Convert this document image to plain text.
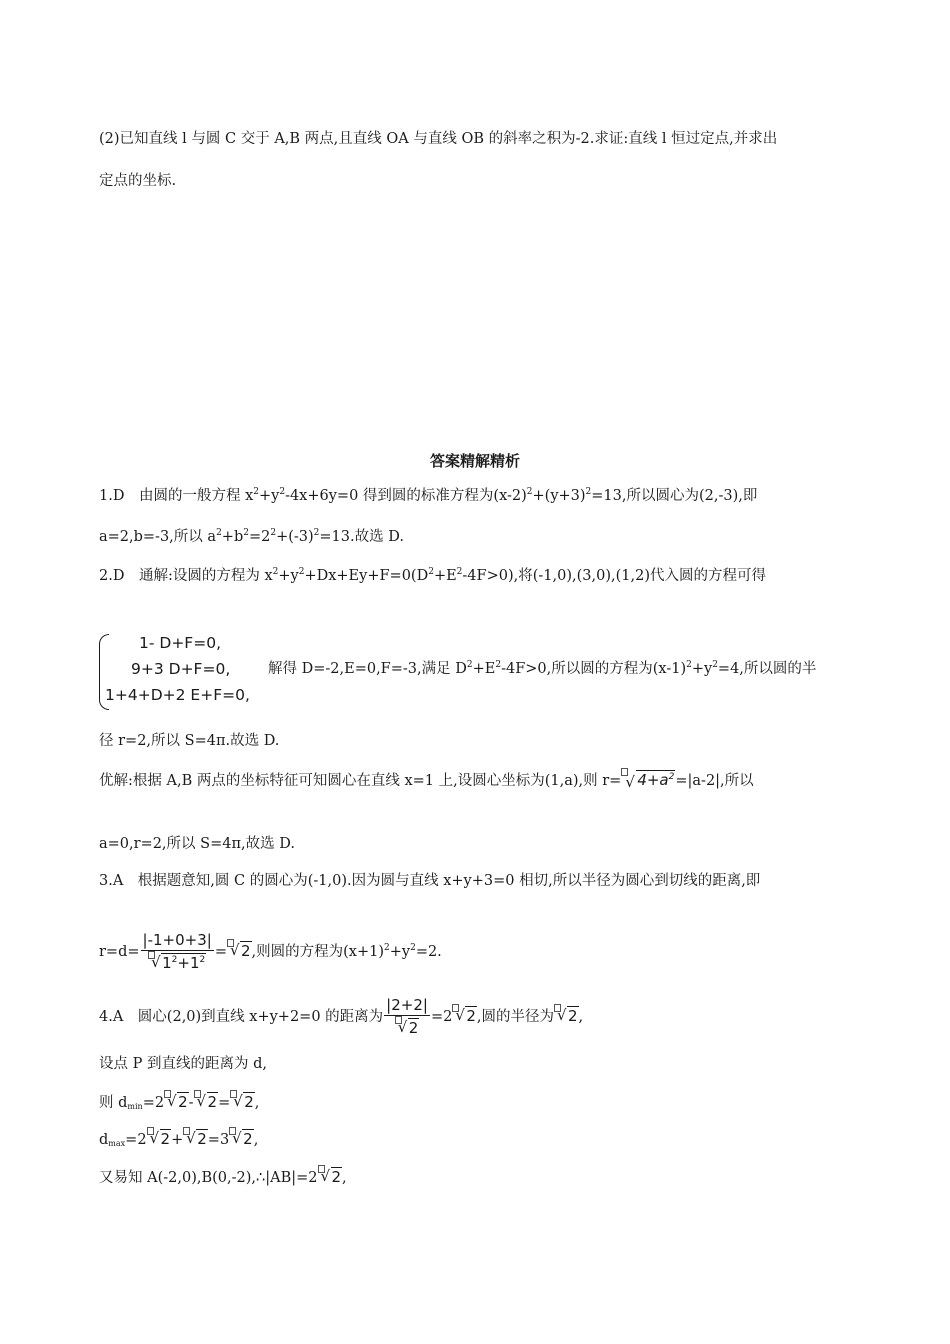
(2)已知直线 l 与圆 C 交于 A,B 两点,且直线 OA 与直线 OB 的斜率之积为-2.求证:直线 l 恒过定点,并求出
定点的坐标.
答案精解精析
1.D　由圆的一般方程 $x^2+y^2-4x+6y=0$ 得到圆的标准方程为$(x-2)^2+(y+3)^2=13$,所以圆心为(2,-3),即
a=2,b=-3,所以 $a^2+b^2=2^2+(-3)^2=13$.故选 D.
2.D　通解:设圆的方程为 $x^2+y^2+Dx+Ey+F=0(D^2+E^2-4F>0)$,将(-1,0),(3,0),(1,2)代入圆的方程可得
1- D+F=0,
9+3 D+F=0,
1+4+D+2 E+F=0,
解得 D=-2,E=0,F=-3,满足 $D^2+E^2-4F>0$,所以圆的方程为$(x-1)^2+y^2=4$,所以圆的半
径 r=2,所以 S=4π.故选 D.
优解:根据 A,B 两点的坐标特征可知圆心在直线 x=1 上,设圆心坐标为(1,a),则 r= √ $4+a^2=|a-2|$,所以
a=0,r=2,所以 S=4π,故选 D.
3.A　根据题意知,圆 C 的圆心为(-1,0).因为圆与直线 x+y+3=0 相切,所以半径为圆心到切线的距离,即
r=d= |-1+0+3|
√ $1^2+1^2$ =√ 2,则圆的方程为$(x+1)^2+y^2=2$.
4.A　圆心(2,0)到直线 x+y+2=0 的距离为 |2+2|
√ 2 =2√ 2,圆的半径为√ 2,
设点 P 到直线的距离为 d,
则 $d_{min}=2√$ 2-√ 2=√ 2,
$d_{max}=2√$ 2+√ 2=3√ 2,
又易知 A(-2,0),B(0,-2),∴|AB|=2√ 2,
